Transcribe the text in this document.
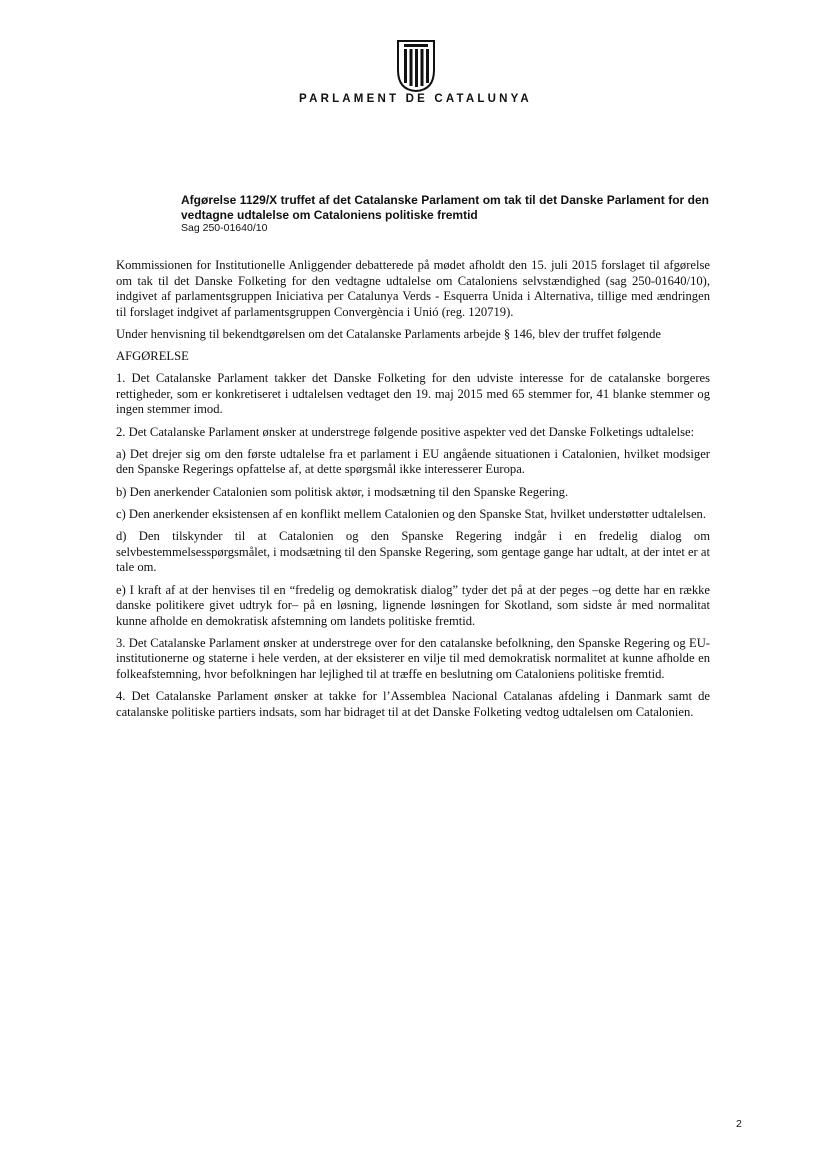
PARLAMENT DE CATALUNYA

Afgørelse 1129/X truffet af det Catalanske Parlament om tak til det Danske Parlament for den vedtagne udtalelse om Cataloniens politiske fremtid

Sag 250-01640/10

Kommissionen for Institutionelle Anliggender debatterede på mødet afholdt den 15. juli 2015 forslaget til afgørelse om tak til det Danske Folketing for den vedtagne udtalelse om Cataloniens selvstændighed (sag 250-01640/10), indgivet af parlamentsgruppen Iniciativa per Catalunya Verds - Esquerra Unida i Alternativa, tillige med ændringen til forslaget indgivet af parlamentsgruppen Convergència i Unió (reg. 120719).

Under henvisning til bekendtgørelsen om det Catalanske Parlaments arbejde § 146, blev der truffet følgende

AFGØRELSE

1. Det Catalanske Parlament takker det Danske Folketing for den udviste interesse for de catalanske borgeres rettigheder, som er konkretiseret i udtalelsen vedtaget den 19. maj 2015 med 65 stemmer for, 41 blanke stemmer og ingen stemmer imod.

2. Det Catalanske Parlament ønsker at understrege følgende positive aspekter ved det Danske Folketings udtalelse:

a) Det drejer sig om den første udtalelse fra et parlament i EU angående situationen i Catalonien, hvilket modsiger den Spanske Regerings opfattelse af, at dette spørgsmål ikke interesserer Europa.

b) Den anerkender Catalonien som politisk aktør, i modsætning til den Spanske Regering.

c) Den anerkender eksistensen af en konflikt mellem Catalonien og den Spanske Stat, hvilket understøtter udtalelsen.

d) Den tilskynder til at Catalonien og den Spanske Regering indgår i en fredelig dialog om selvbestemmelsesspørgsmålet, i modsætning til den Spanske Regering, som gentage gange har udtalt, at der intet er at tale om.

e) I kraft af at der henvises til en “fredelig og demokratisk dialog” tyder det på at der peges –og dette har en række danske politikere givet udtryk for– på en løsning, lignende løsningen for Skotland, som sidste år med normalitat kunne afholde en demokratisk afstemning om landets politiske fremtid.

3. Det Catalanske Parlament ønsker at understrege over for den catalanske befolkning, den Spanske Regering og EU-institutionerne og staterne i hele verden, at der eksisterer en vilje til med demokratisk normalitet at kunne afholde en folkeafstemning, hvor befolkningen har lejlighed til at træffe en beslutning om Cataloniens politiske fremtid.

4. Det Catalanske Parlament ønsker at takke for l’Assemblea Nacional Catalanas afdeling i Danmark samt de catalanske politiske partiers indsats, som har bidraget til at det Danske Folketing vedtog udtalelsen om Catalonien.

2
